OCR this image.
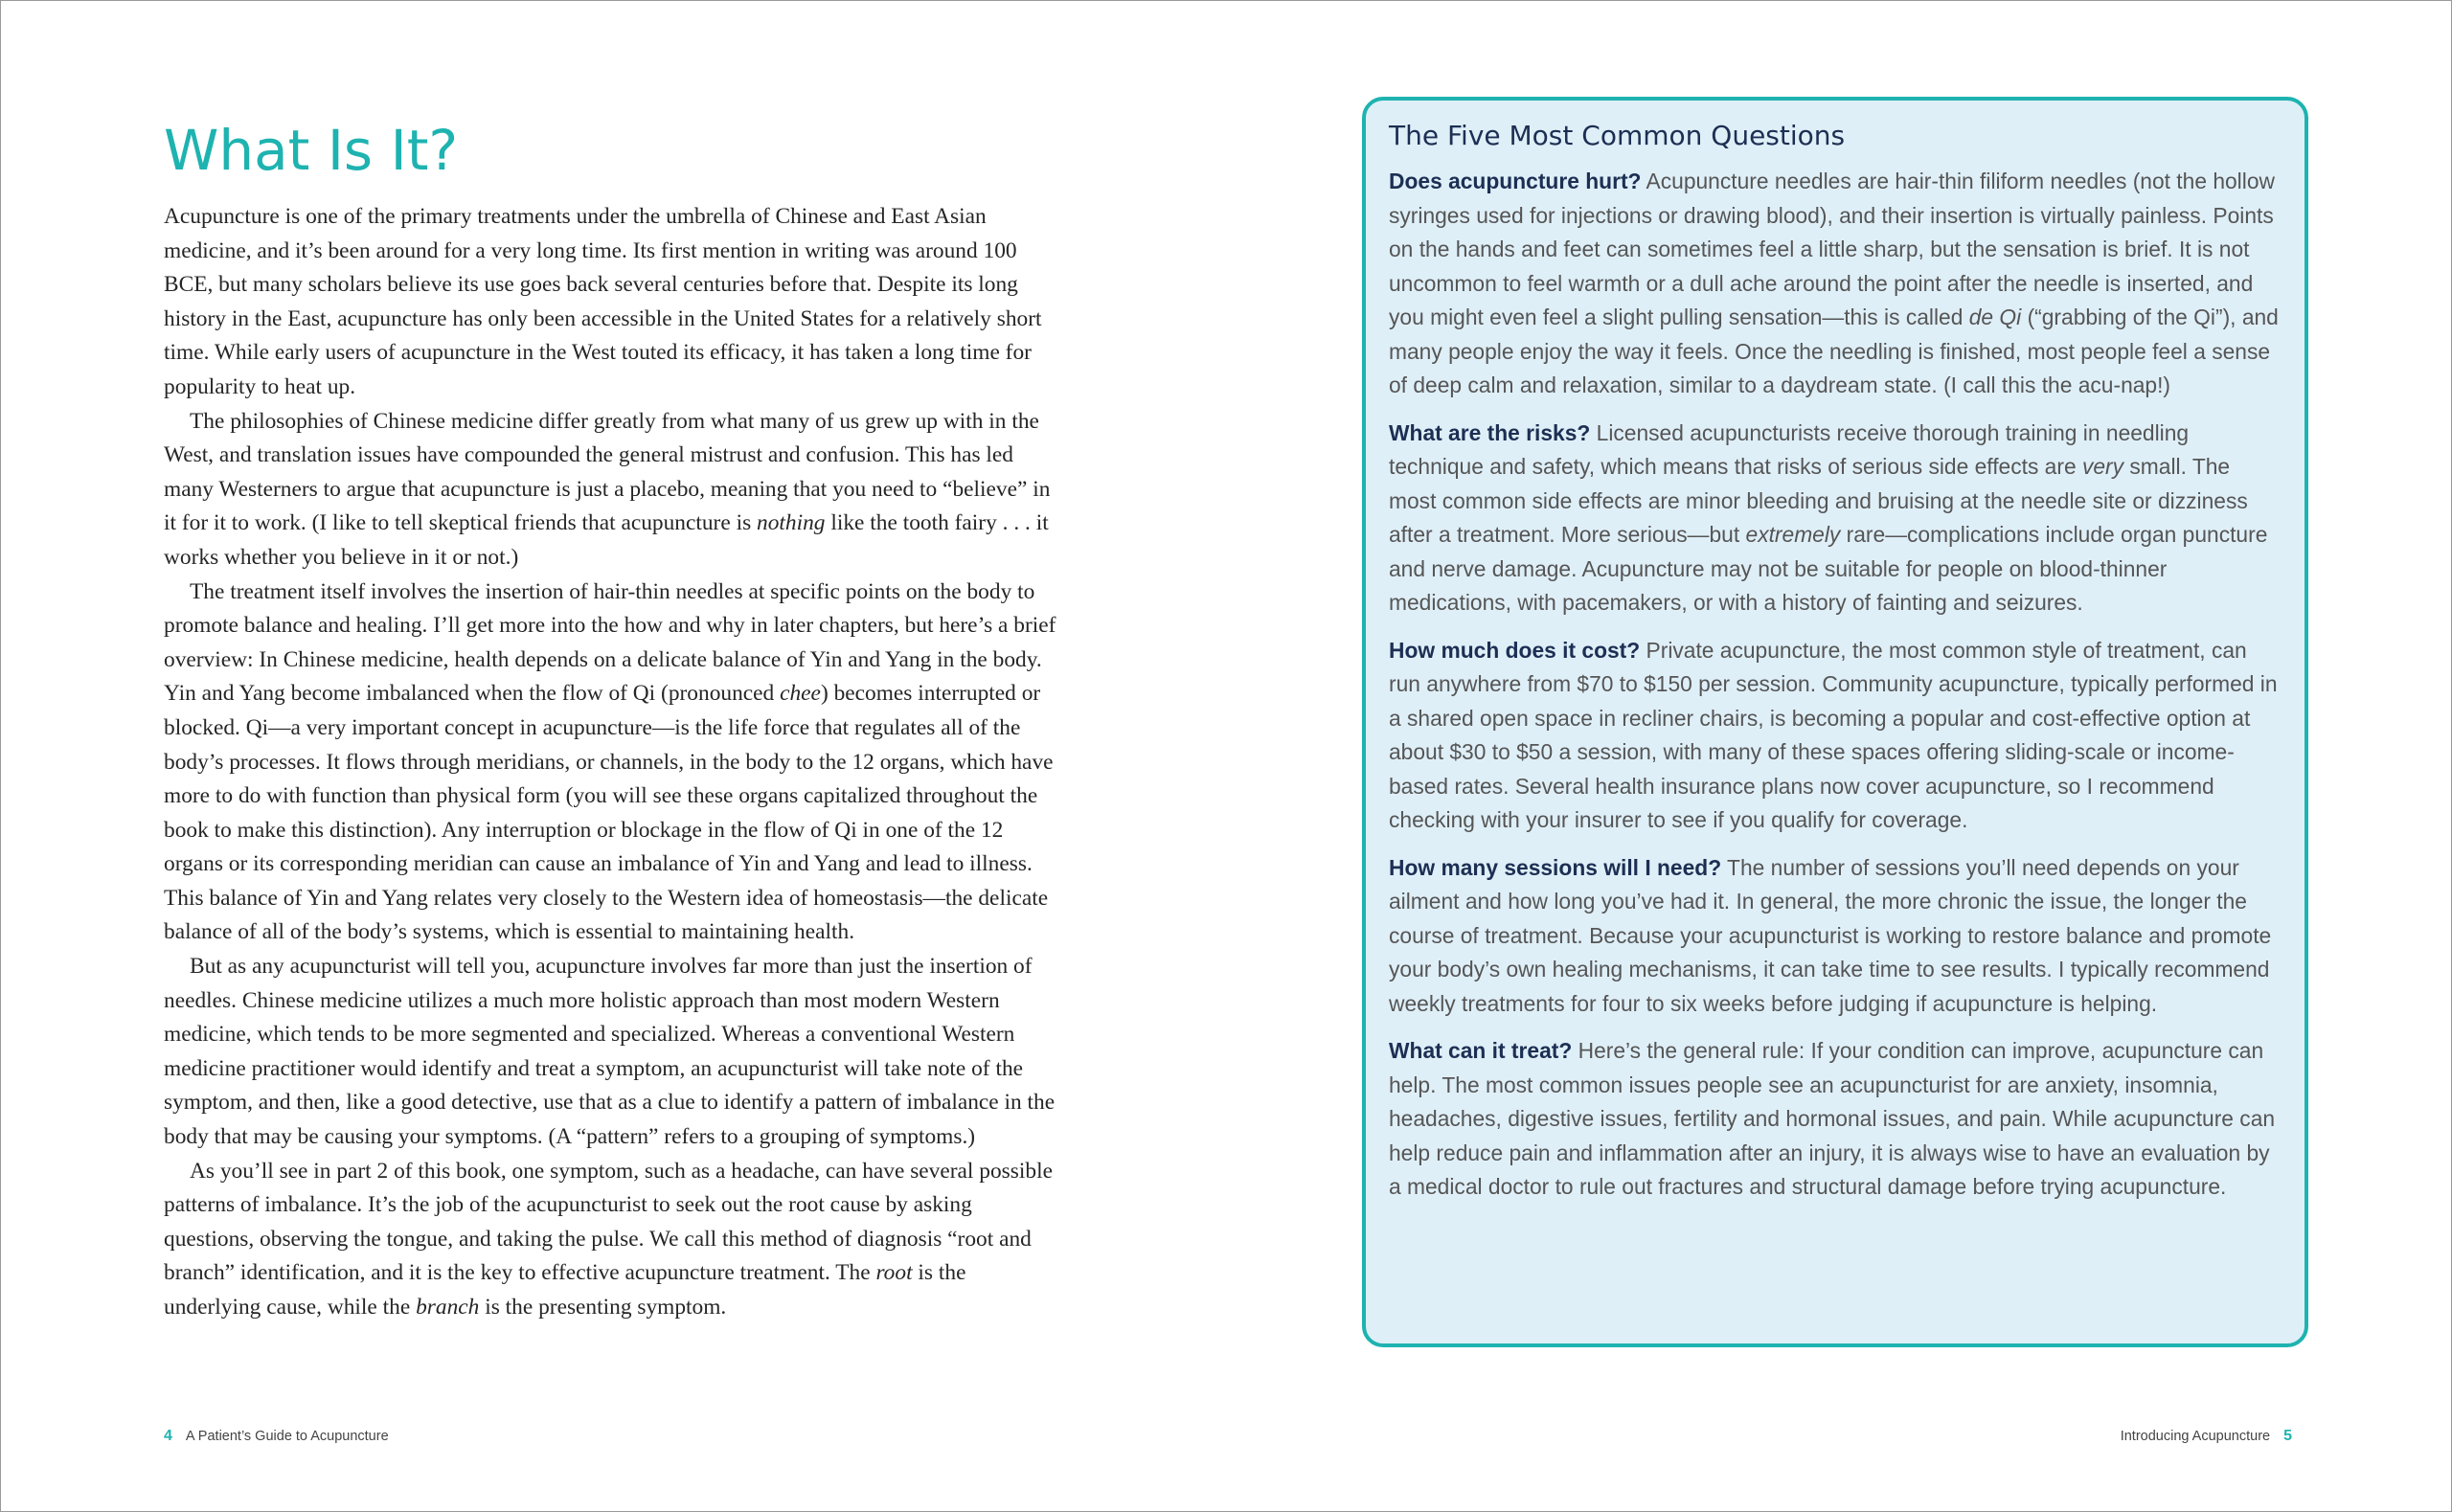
What Is It?

Acupuncture is one of the primary treatments under the umbrella of Chinese and East Asian medicine, and it’s been around for a very long time. Its first mention in writing was around 100 BCE, but many scholars believe its use goes back several centuries before that. Despite its long history in the East, acupuncture has only been accessible in the United States for a relatively short time. While early users of acupuncture in the West touted its efficacy, it has taken a long time for popularity to heat up.

The philosophies of Chinese medicine differ greatly from what many of us grew up with in the West, and translation issues have compounded the general mistrust and confusion. This has led many Westerners to argue that acupuncture is just a placebo, meaning that you need to “believe” in it for it to work. (I like to tell skeptical friends that acupuncture is nothing like the tooth fairy . . . it works whether you believe in it or not.)

The treatment itself involves the insertion of hair-thin needles at specific points on the body to promote balance and healing. I’ll get more into the how and why in later chapters, but here’s a brief overview: In Chinese medicine, health depends on a delicate balance of Yin and Yang in the body. Yin and Yang become imbalanced when the flow of Qi (pronounced chee) becomes interrupted or blocked. Qi—a very important concept in acupuncture—is the life force that regulates all of the body’s processes. It flows through meridians, or channels, in the body to the 12 organs, which have more to do with function than physical form (you will see these organs capitalized throughout the book to make this distinction). Any interruption or blockage in the flow of Qi in one of the 12 organs or its corresponding meridian can cause an imbalance of Yin and Yang and lead to illness. This balance of Yin and Yang relates very closely to the Western idea of homeostasis—the delicate balance of all of the body’s systems, which is essential to maintaining health.

But as any acupuncturist will tell you, acupuncture involves far more than just the insertion of needles. Chinese medicine utilizes a much more holistic approach than most modern Western medicine, which tends to be more segmented and specialized. Whereas a conventional Western medicine practitioner would identify and treat a symptom, an acupuncturist will take note of the symptom, and then, like a good detective, use that as a clue to identify a pattern of imbalance in the body that may be causing your symptoms. (A “pattern” refers to a grouping of symptoms.)

As you’ll see in part 2 of this book, one symptom, such as a headache, can have several possible patterns of imbalance. It’s the job of the acupuncturist to seek out the root cause by asking questions, observing the tongue, and taking the pulse. We call this method of diagnosis “root and branch” identification, and it is the key to effective acupuncture treatment. The root is the underlying cause, while the branch is the presenting symptom.

4 A Patient’s Guide to Acupuncture
The Five Most Common Questions

Does acupuncture hurt? Acupuncture needles are hair-thin filiform needles (not the hollow syringes used for injections or drawing blood), and their insertion is virtually painless. Points on the hands and feet can sometimes feel a little sharp, but the sensation is brief. It is not uncommon to feel warmth or a dull ache around the point after the needle is inserted, and you might even feel a slight pulling sensation—this is called de Qi (“grabbing of the Qi”), and many people enjoy the way it feels. Once the needling is finished, most people feel a sense of deep calm and relaxation, similar to a daydream state. (I call this the acu-nap!)

What are the risks? Licensed acupuncturists receive thorough training in needling technique and safety, which means that risks of serious side effects are very small. The most common side effects are minor bleeding and bruising at the needle site or dizziness after a treatment. More serious—but extremely rare—complications include organ puncture and nerve damage. Acupuncture may not be suitable for people on blood-thinner medications, with pacemakers, or with a history of fainting and seizures.

How much does it cost? Private acupuncture, the most common style of treatment, can run anywhere from $70 to $150 per session. Community acupuncture, typically performed in a shared open space in recliner chairs, is becoming a popular and cost-effective option at about $30 to $50 a session, with many of these spaces offering sliding-scale or income-based rates. Several health insurance plans now cover acupuncture, so I recommend checking with your insurer to see if you qualify for coverage.

How many sessions will I need? The number of sessions you’ll need depends on your ailment and how long you’ve had it. In general, the more chronic the issue, the longer the course of treatment. Because your acupuncturist is working to restore balance and promote your body’s own healing mechanisms, it can take time to see results. I typically recommend weekly treatments for four to six weeks before judging if acupuncture is helping.

What can it treat? Here’s the general rule: If your condition can improve, acupuncture can help. The most common issues people see an acupuncturist for are anxiety, insomnia, headaches, digestive issues, fertility and hormonal issues, and pain. While acupuncture can help reduce pain and inflammation after an injury, it is always wise to have an evaluation by a medical doctor to rule out fractures and structural damage before trying acupuncture.

Introducing Acupuncture 5
